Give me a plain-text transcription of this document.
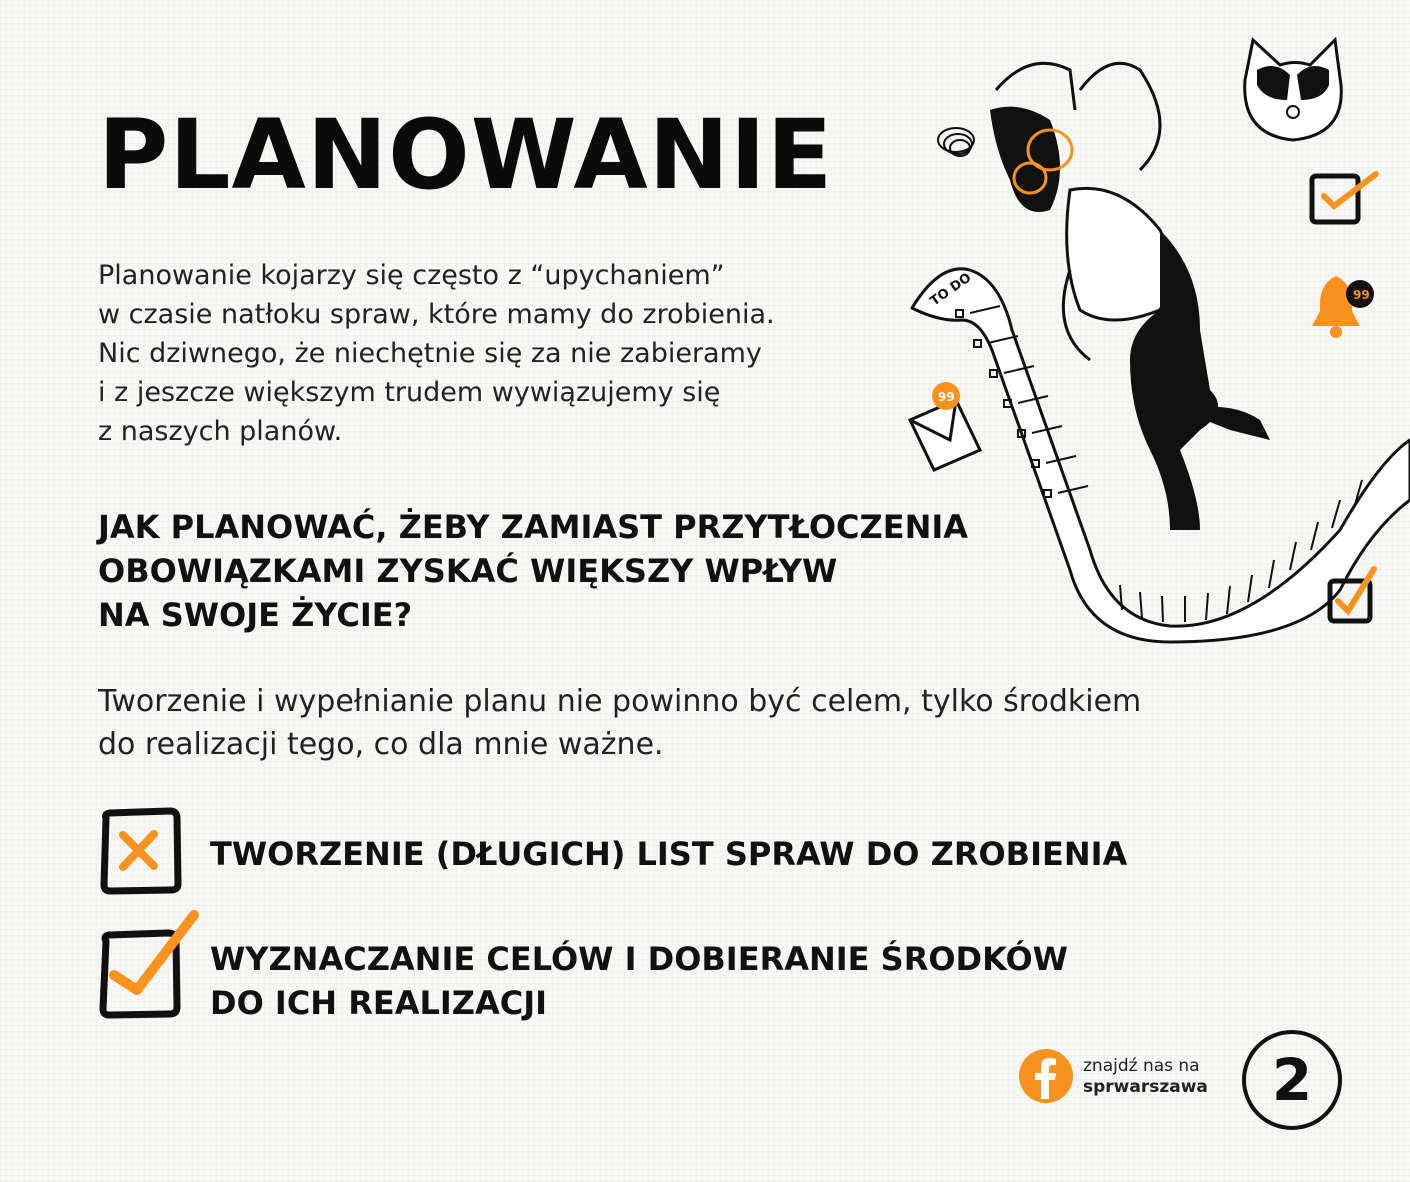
PLANOWANIE

Planowanie kojarzy się często z “upychaniem”
w czasie natłoku spraw, które mamy do zrobienia.
Nic dziwnego, że niechętnie się za nie zabieramy
i z jeszcze większym trudem wywiązujemy się
z naszych planów.

JAK PLANOWAĆ, ŻEBY ZAMIAST PRZYTŁOCZENIA
OBOWIĄZKAMI ZYSKAĆ WIĘKSZY WPŁYW
NA SWOJE ŻYCIE?

Tworzenie i wypełnianie planu nie powinno być celem, tylko środkiem
do realizacji tego, co dla mnie ważne.

TWORZENIE (DŁUGICH) LIST SPRAW DO ZROBIENIA

WYZNACZANIE CELÓW I DOBIERANIE ŚRODKÓW
DO ICH REALIZACJI

TO DO	99
99

znajdź nas na
sprwarszawa	2
